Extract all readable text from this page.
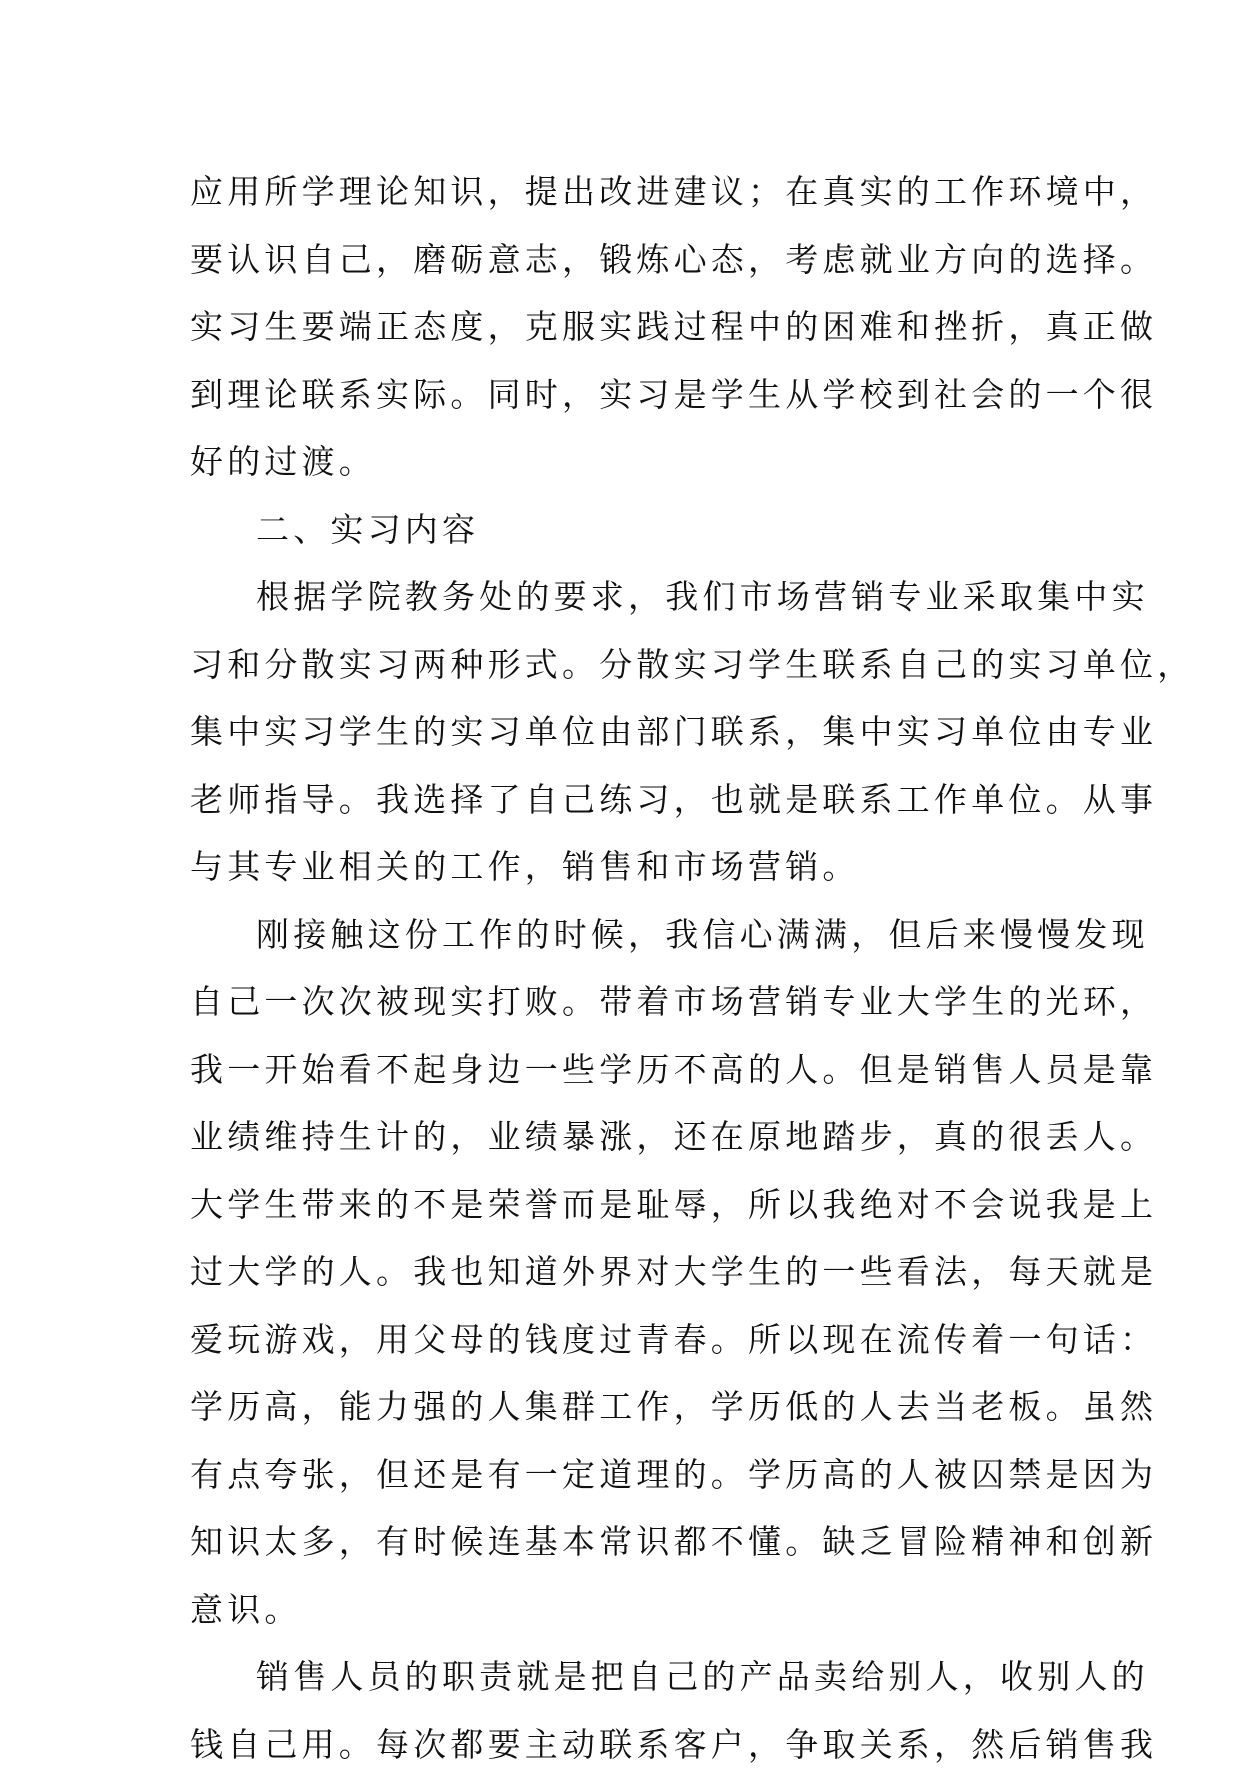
应用所学理论知识，提出改进建议；在真实的工作环境中，
要认识自己，磨砺意志，锻炼心态，考虑就业方向的选择。
实习生要端正态度，克服实践过程中的困难和挫折，真正做
到理论联系实际。同时，实习是学生从学校到社会的一个很
好的过渡。
二、实习内容
根据学院教务处的要求，我们市场营销专业采取集中实
习和分散实习两种形式。分散实习学生联系自己的实习单位，
集中实习学生的实习单位由部门联系，集中实习单位由专业
老师指导。我选择了自己练习，也就是联系工作单位。从事
与其专业相关的工作，销售和市场营销。
刚接触这份工作的时候，我信心满满，但后来慢慢发现
自己一次次被现实打败。带着市场营销专业大学生的光环，
我一开始看不起身边一些学历不高的人。但是销售人员是靠
业绩维持生计的，业绩暴涨，还在原地踏步，真的很丢人。
大学生带来的不是荣誉而是耻辱，所以我绝对不会说我是上
过大学的人。我也知道外界对大学生的一些看法，每天就是
爱玩游戏，用父母的钱度过青春。所以现在流传着一句话：
学历高，能力强的人集群工作，学历低的人去当老板。虽然
有点夸张，但还是有一定道理的。学历高的人被囚禁是因为
知识太多，有时候连基本常识都不懂。缺乏冒险精神和创新
意识。
销售人员的职责就是把自己的产品卖给别人，收别人的
钱自己用。每次都要主动联系客户，争取关系，然后销售我
